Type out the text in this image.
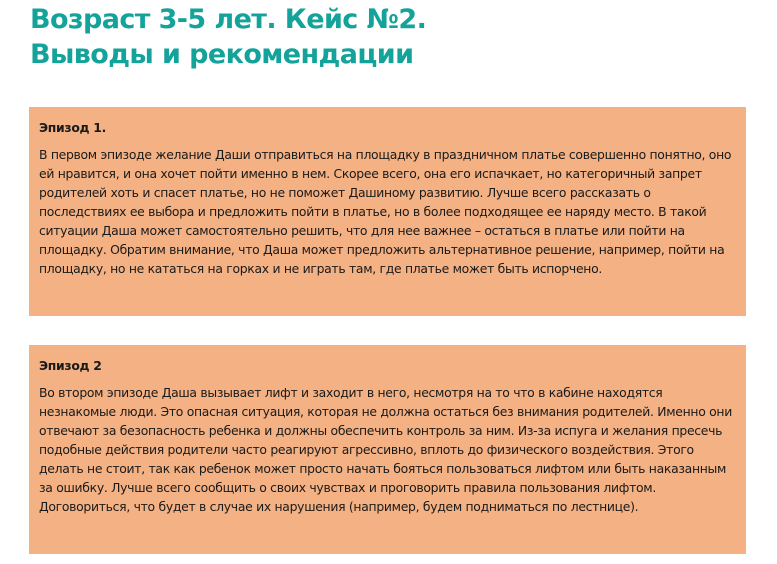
Возраст 3-5 лет. Кейс №2.
Выводы и рекомендации

Эпизод 1.

В первом эпизоде желание Даши отправиться на площадку в праздничном платье совершенно понятно, оно ей нравится, и она хочет пойти именно в нем. Скорее всего, она его испачкает, но категоричный запрет родителей хоть и спасет платье, но не поможет Дашиному развитию. Лучше всего рассказать о последствиях ее выбора и предложить пойти в платье, но в более подходящее ее наряду место. В такой ситуации Даша может самостоятельно решить, что для нее важнее – остаться в платье или пойти на площадку. Обратим внимание, что Даша может предложить альтернативное решение, например, пойти на площадку, но не кататься на горках и не играть там, где платье может быть испорчено.

Эпизод 2

Во втором эпизоде Даша вызывает лифт и заходит в него, несмотря на то что в кабине находятся незнакомые люди. Это опасная ситуация, которая не должна остаться без внимания родителей. Именно они отвечают за безопасность ребенка и должны обеспечить контроль за ним. Из-за испуга и желания пресечь подобные действия родители часто реагируют агрессивно, вплоть до физического воздействия. Этого делать не стоит, так как ребенок может просто начать бояться пользоваться лифтом или быть наказанным за ошибку. Лучше всего сообщить о своих чувствах и проговорить правила пользования лифтом. Договориться, что будет в случае их нарушения (например, будем подниматься по лестнице).
